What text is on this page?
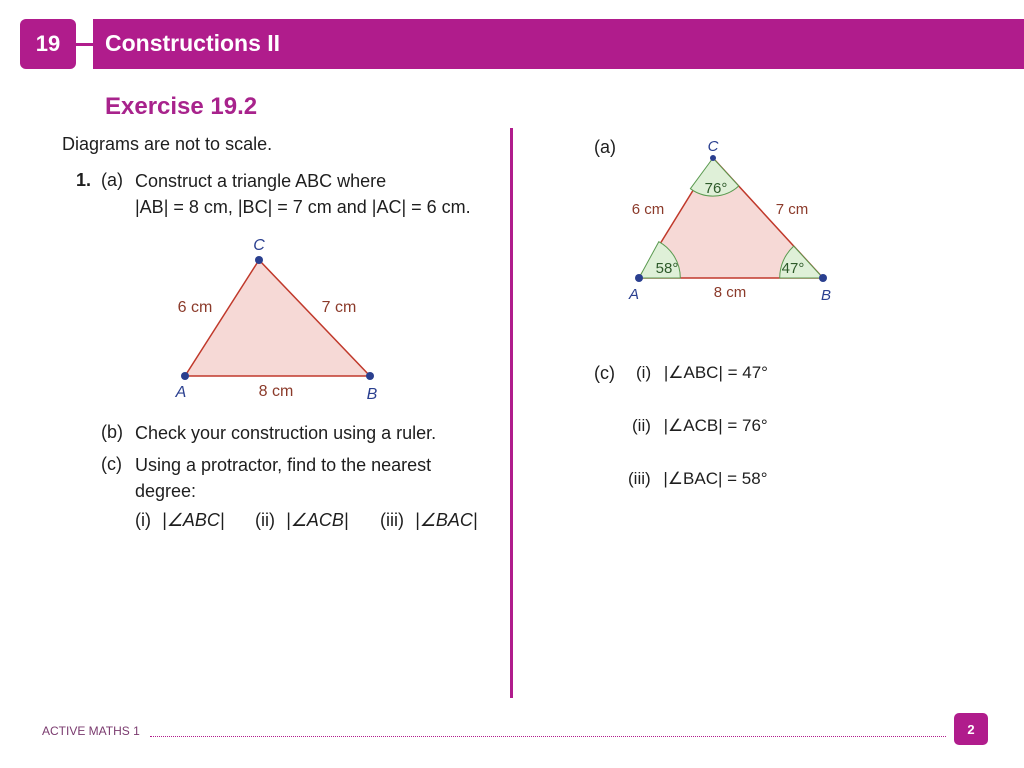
19	Constructions II
Exercise 19.2
Diagrams are not to scale.
1. (a) Construct a triangle ABC where
|AB| = 8 cm, |BC| = 7 cm and |AC| = 6 cm.
C
A	B
6 cm	7 cm
8 cm
(b) Check your construction using a ruler.
(c) Using a protractor, find to the nearest
degree:
(i) |∠ABC| (ii) |∠ACB| (iii) |∠BAC|
(a)	C
A	B
6 cm	7 cm
8 cm
76°
58°	47°
(c) (i) |∠ABC| = 47°
(ii) |∠ACB| = 76°
(iii) |∠BAC| = 58°
ACTIVE MATHS 1	2
